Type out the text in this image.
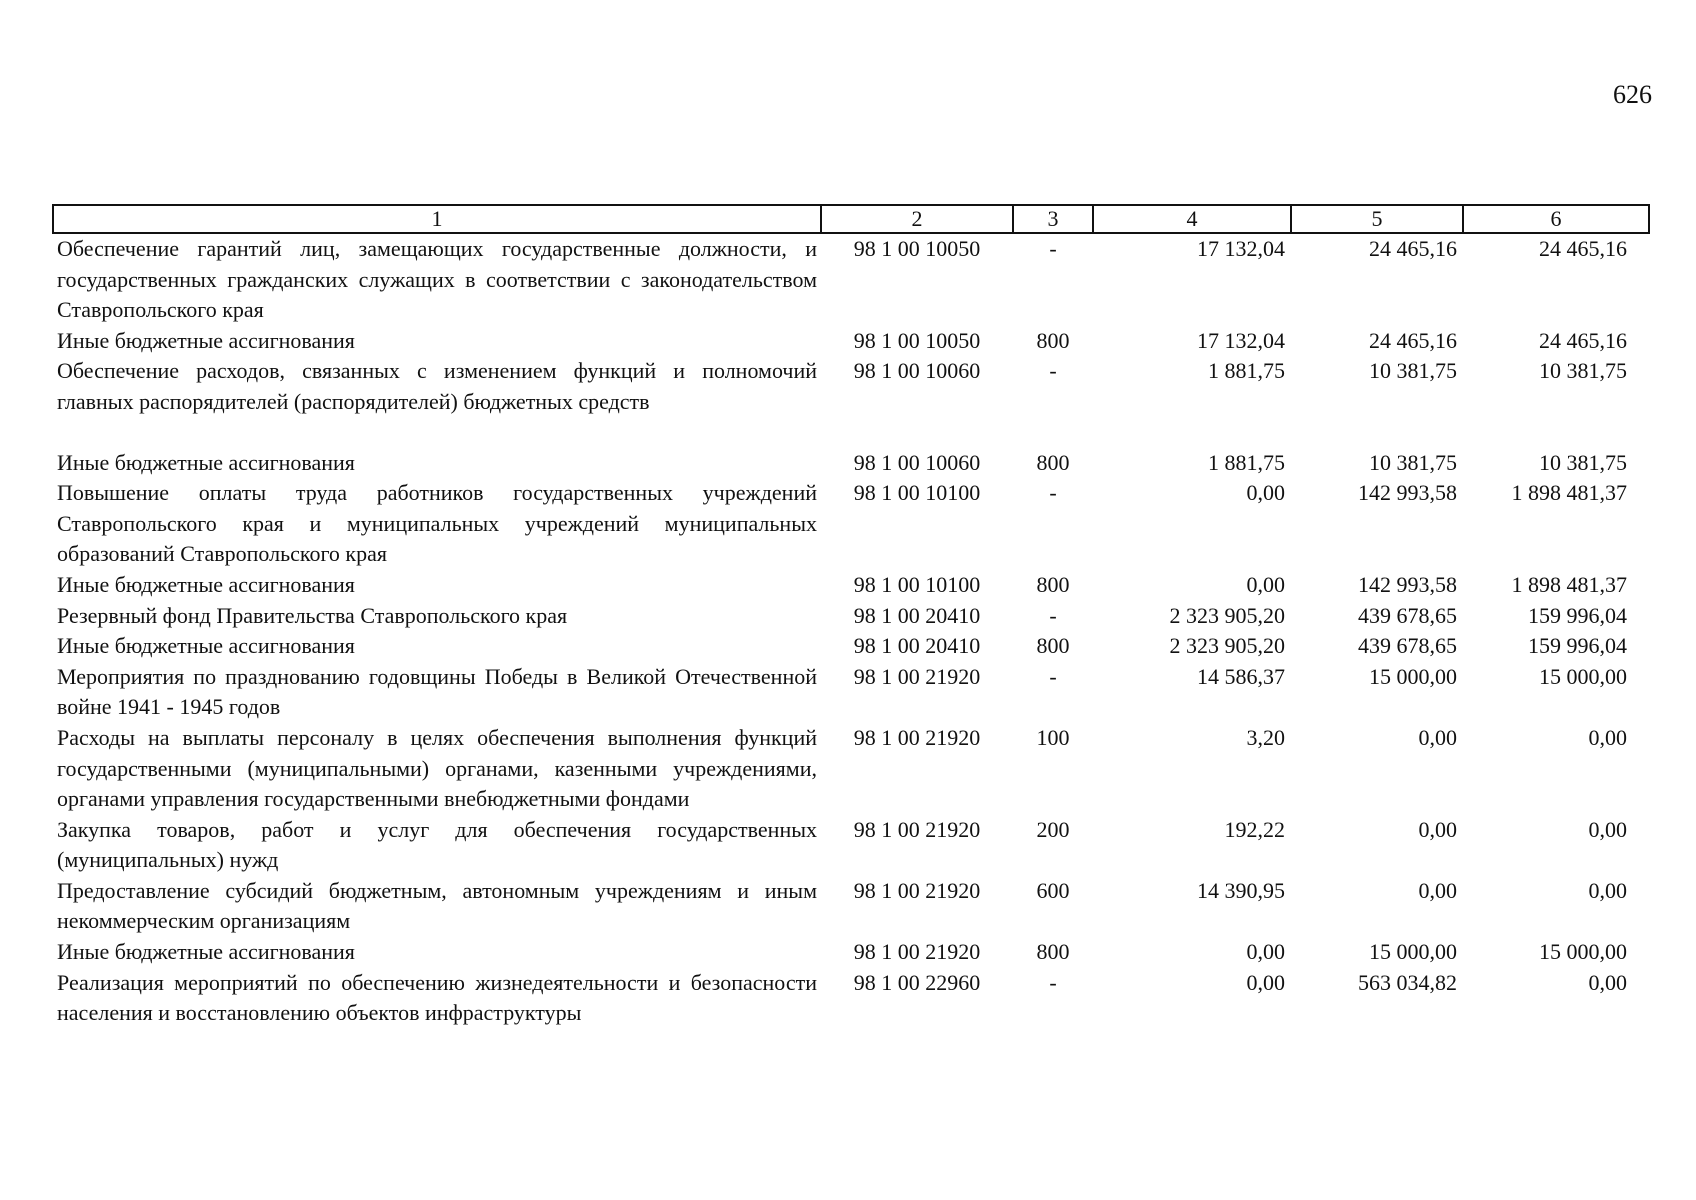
626
1	2	3	4	5	6
Обеспечение гарантий лиц, замещающих государственные должности, и государственных гражданских служащих в соответствии с законодательством Ставропольского края	98 1 00 10050	-	17 132,04	24 465,16	24 465,16
Иные бюджетные ассигнования	98 1 00 10050	800	17 132,04	24 465,16	24 465,16
Обеспечение расходов, связанных с изменением функций и полномочий главных распорядителей (распорядителей) бюджетных средств	98 1 00 10060	-	1 881,75	10 381,75	10 381,75

Иные бюджетные ассигнования	98 1 00 10060	800	1 881,75	10 381,75	10 381,75
Повышение оплаты труда работников государственных учреждений Ставропольского края и муниципальных учреждений муниципальных образований Ставропольского края	98 1 00 10100	-	0,00	142 993,58	1 898 481,37
Иные бюджетные ассигнования	98 1 00 10100	800	0,00	142 993,58	1 898 481,37
Резервный фонд Правительства Ставропольского края	98 1 00 20410	-	2 323 905,20	439 678,65	159 996,04
Иные бюджетные ассигнования	98 1 00 20410	800	2 323 905,20	439 678,65	159 996,04
Мероприятия по празднованию годовщины Победы в Великой Отечественной войне 1941 - 1945 годов	98 1 00 21920	-	14 586,37	15 000,00	15 000,00
Расходы на выплаты персоналу в целях обеспечения выполнения функций государственными (муниципальными) органами, казенными учреждениями, органами управления государственными внебюджетными фондами	98 1 00 21920	100	3,20	0,00	0,00
Закупка товаров, работ и услуг для обеспечения государственных (муниципальных) нужд	98 1 00 21920	200	192,22	0,00	0,00
Предоставление субсидий бюджетным, автономным учреждениям и иным некоммерческим организациям	98 1 00 21920	600	14 390,95	0,00	0,00
Иные бюджетные ассигнования	98 1 00 21920	800	0,00	15 000,00	15 000,00
Реализация мероприятий по обеспечению жизнедеятельности и безопасности населения и восстановлению объектов инфраструктуры	98 1 00 22960	-	0,00	563 034,82	0,00
